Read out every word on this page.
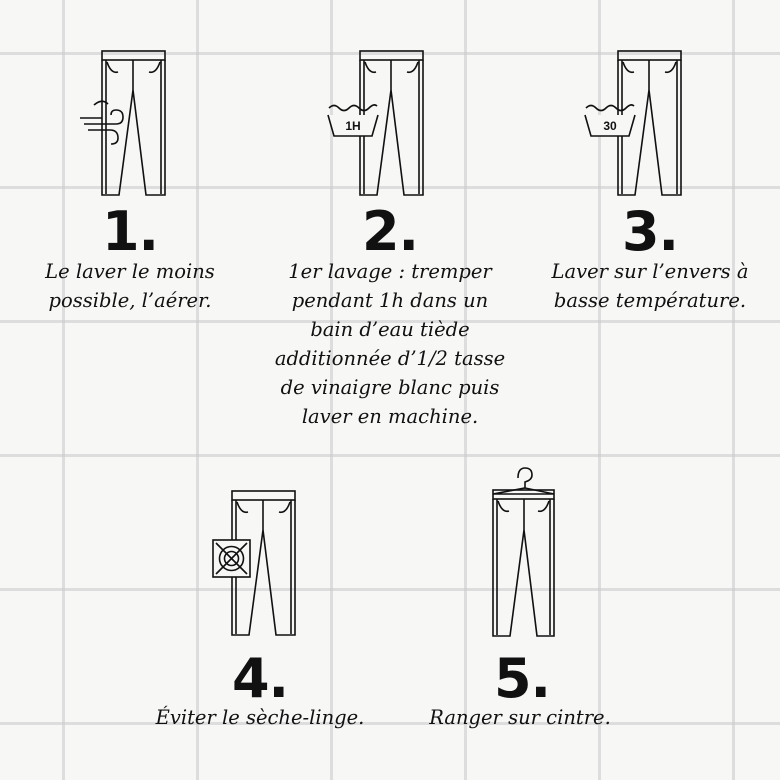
1.
Le laver le moins
possible, l’aérer.
1H
2.
1er lavage : tremper
pendant 1h dans un
bain d’eau tiède
additionnée d’1/2 tasse
de vinaigre blanc puis
laver en machine.
30
3.
Laver sur l’envers à
basse température.
4.
Éviter le sèche-linge.
5.
Ranger sur cintre.
